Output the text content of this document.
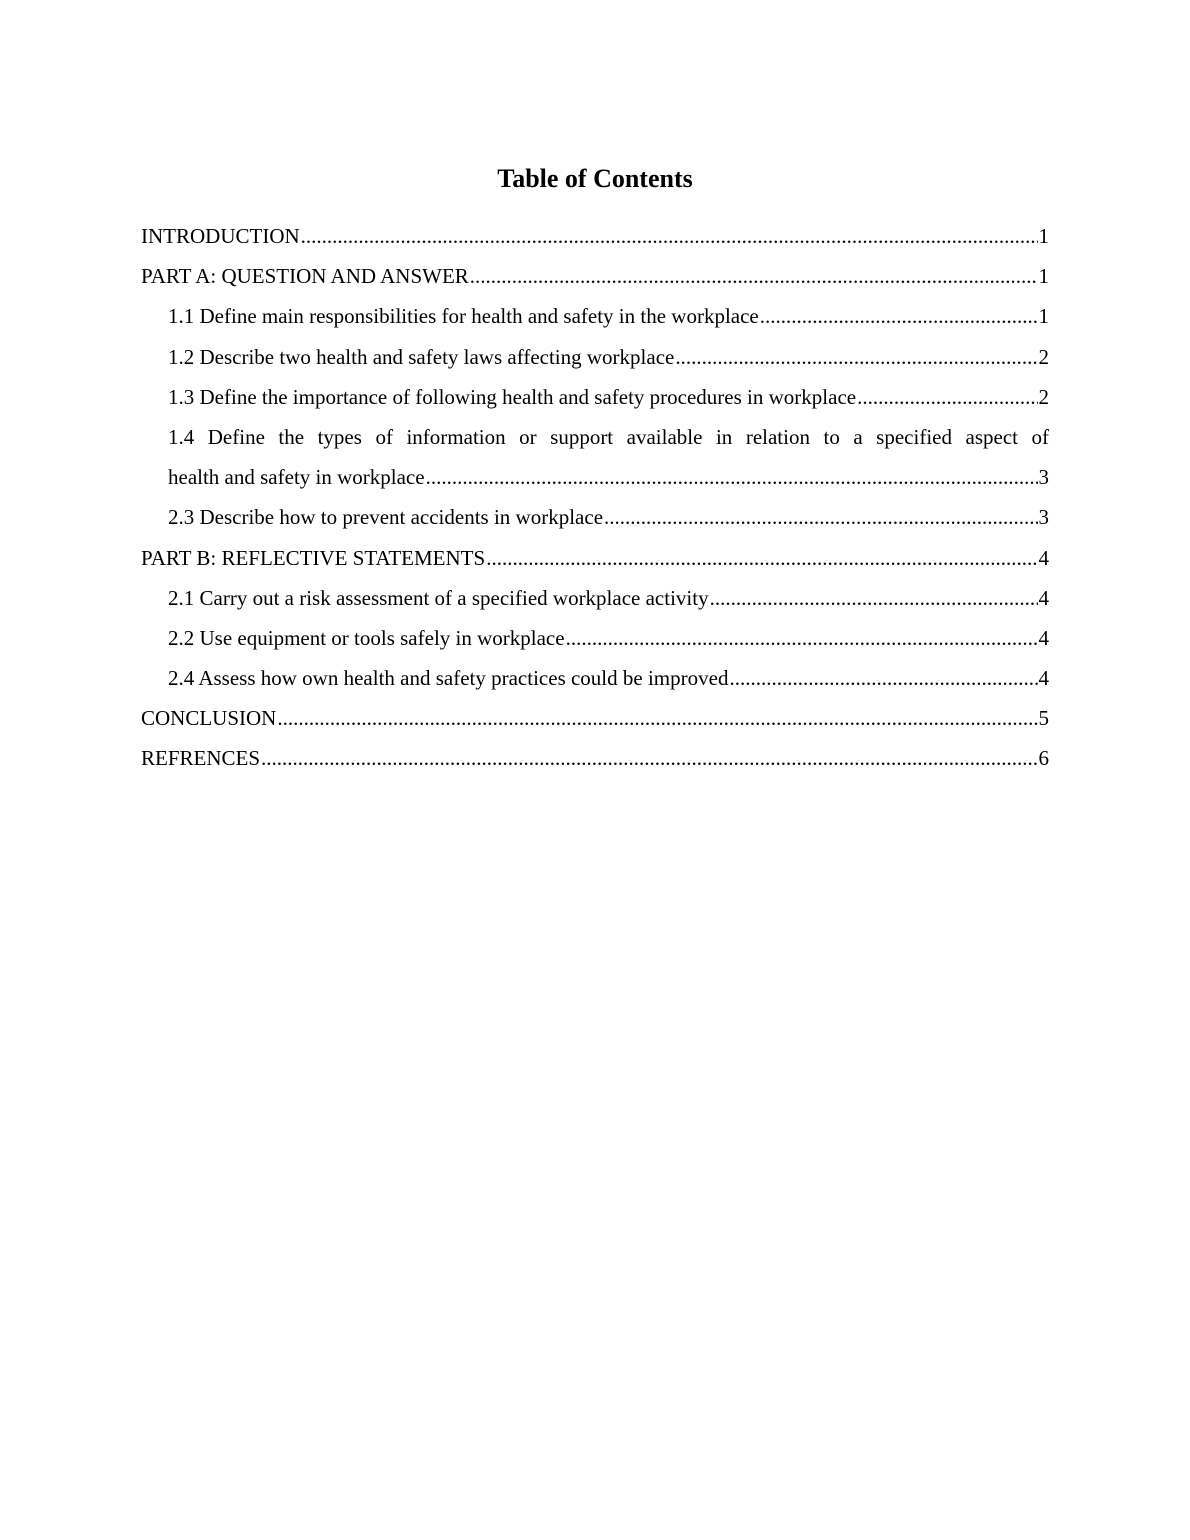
Table of Contents
INTRODUCTION .....	1
PART A: QUESTION AND ANSWER .....	1
1.1 Define main responsibilities for health and safety in the workplace .....	1
1.2 Describe two health and safety laws affecting workplace .....	2
1.3 Define the importance of following health and safety procedures in workplace .....	2
1.4 Define the types of information or support available in relation to a specified aspect of
health and safety in workplace .....	3
2.3 Describe how to prevent accidents in workplace .....	3
PART B: REFLECTIVE STATEMENTS .....	4
2.1 Carry out a risk assessment of a specified workplace activity .....	4
2.2 Use equipment or tools safely in workplace .....	4
2.4 Assess how own health and safety practices could be improved .....	4
CONCLUSION .....	5
REFRENCES .....	6
